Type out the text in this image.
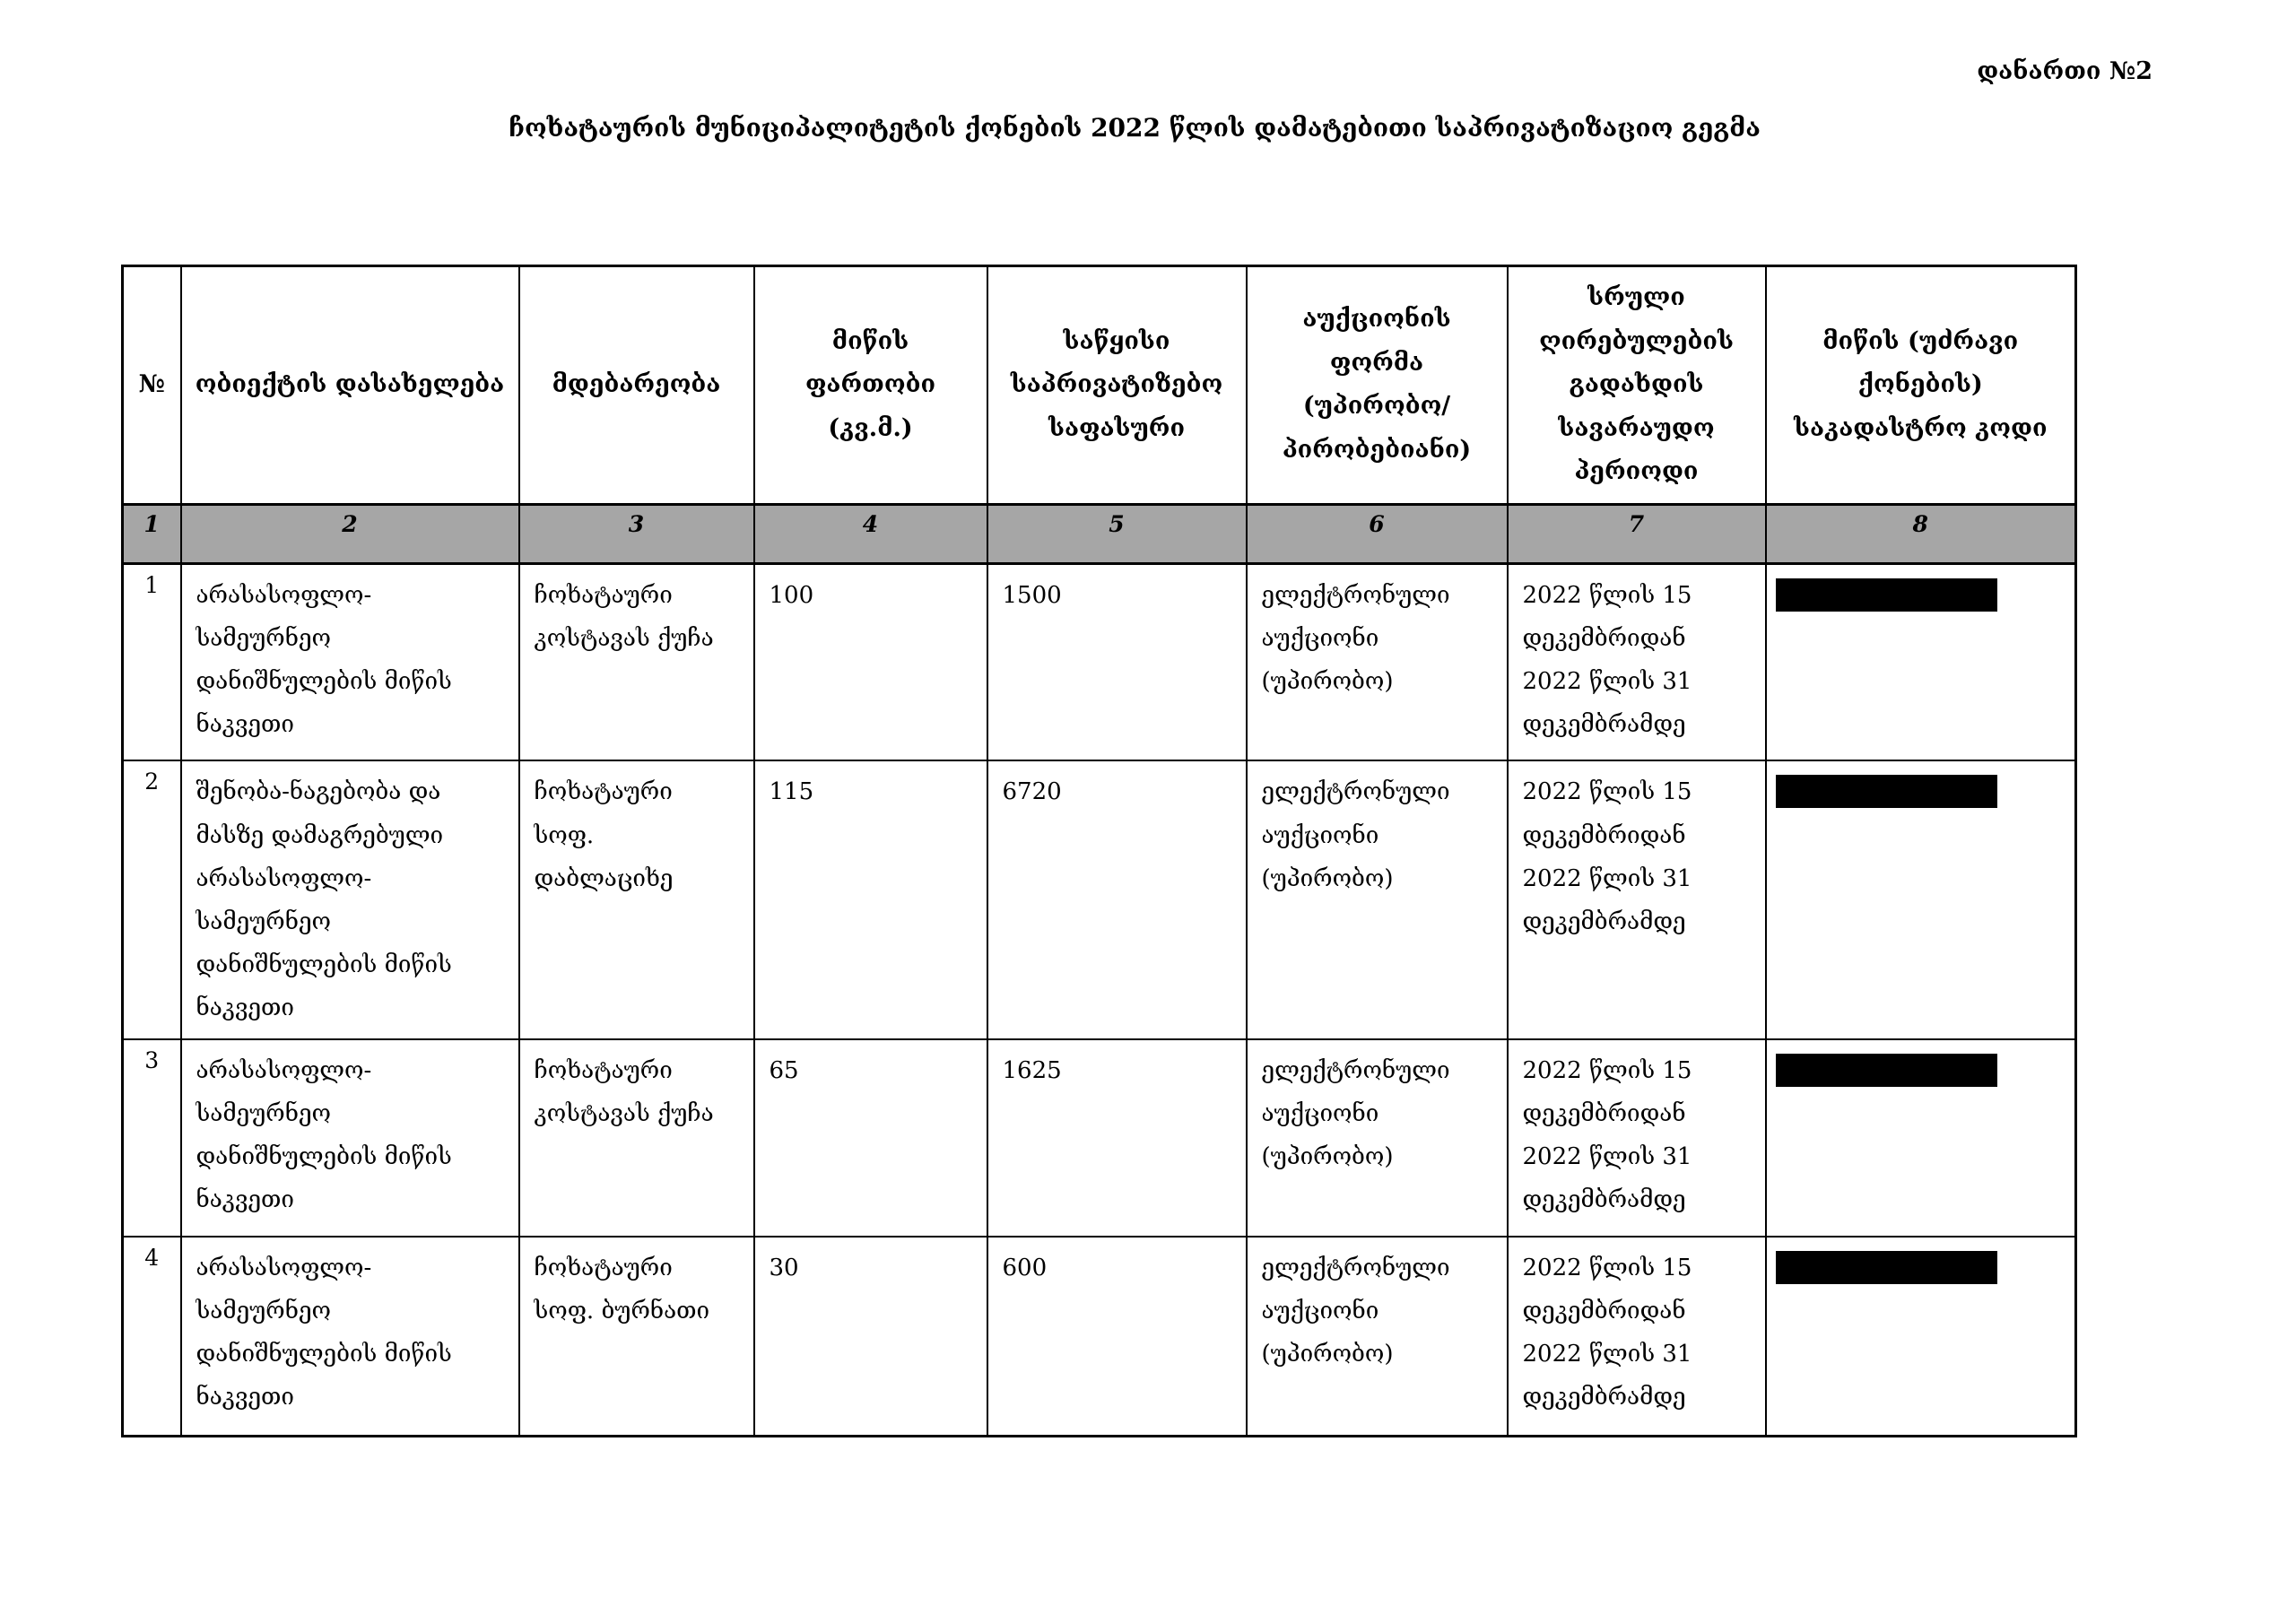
დანართი №2
ჩოხატაურის მუნიციპალიტეტის ქონების 2022 წლის დამატებითი საპრივატიზაციო გეგმა
№	ობიექტის დასახელება	მდებარეობა	მიწის ფართობი (კვ.მ.)	საწყისი საპრივატიზებო საფასური	აუქციონის ფორმა (უპირობო/ პირობებიანი)	სრული ღირებულების გადახდის სავარაუდო პერიოდი	მიწის (უძრავი ქონების) საკადასტრო კოდი
1	2	3	4	5	6	7	8
1	არასასოფლო-სამეურნეო დანიშნულების მიწის ნაკვეთი	ჩოხატაური კოსტავას ქუჩა	100	1500	ელექტრონული აუქციონი (უპირობო)	2022 წლის 15 დეკემბრიდან 2022 წლის 31 დეკემბრამდე	

2	შენობა-ნაგებობა და მასზე დამაგრებული არასასოფლო-სამეურნეო დანიშნულების მიწის ნაკვეთი	ჩოხატაური სოფ. დაბლაციხე	115	6720	ელექტრონული აუქციონი (უპირობო)	2022 წლის 15 დეკემბრიდან 2022 წლის 31 დეკემბრამდე	

3	არასასოფლო-სამეურნეო დანიშნულების მიწის ნაკვეთი	ჩოხატაური კოსტავას ქუჩა	65	1625	ელექტრონული აუქციონი (უპირობო)	2022 წლის 15 დეკემბრიდან 2022 წლის 31 დეკემბრამდე	

4	არასასოფლო-სამეურნეო დანიშნულების მიწის ნაკვეთი	ჩოხატაური სოფ. ბურნათი	30	600	ელექტრონული აუქციონი (უპირობო)	2022 წლის 15 დეკემბრიდან 2022 წლის 31 დეკემბრამდე	
